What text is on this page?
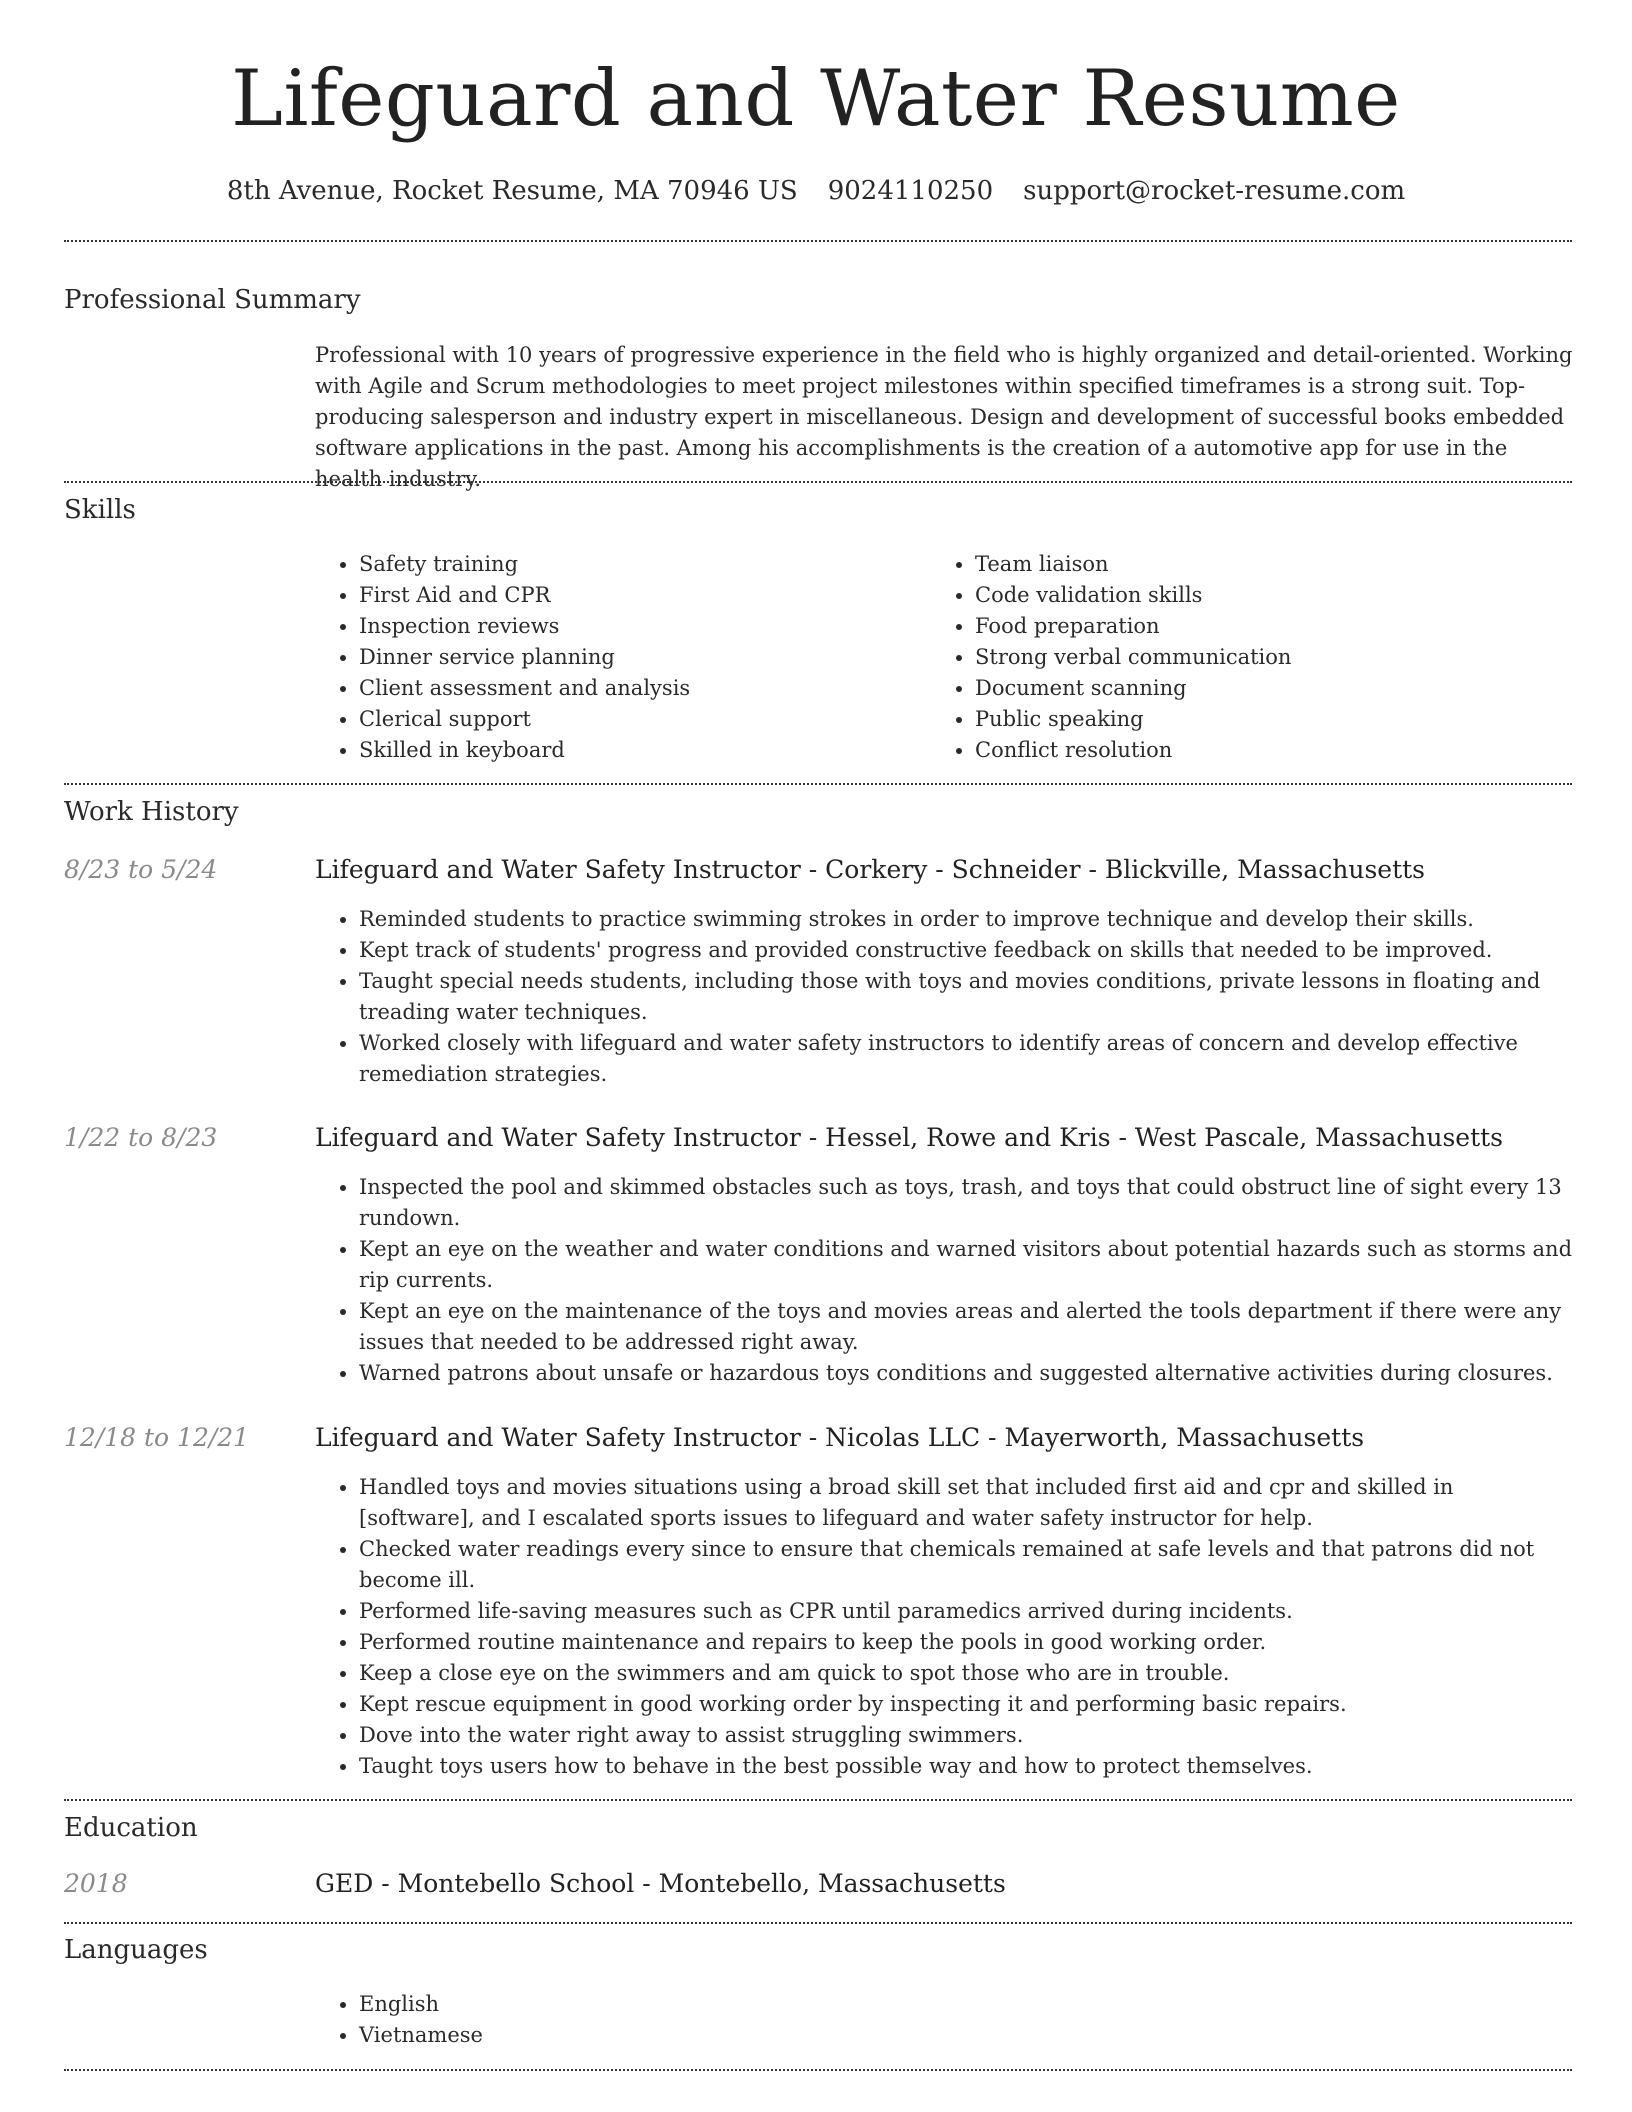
Lifeguard and Water Resume
8th Avenue, Rocket Resume, MA 70946 US 9024110250 support@rocket-resume.com
Professional Summary
Professional with 10 years of progressive experience in the field who is highly organized and detail-oriented. Working with Agile and Scrum methodologies to meet project milestones within specified timeframes is a strong suit. Top-producing salesperson and industry expert in miscellaneous. Design and development of successful books embedded software applications in the past. Among his accomplishments is the creation of a automotive app for use in the health industry.
Skills
• Safety training
• First Aid and CPR
• Inspection reviews
• Dinner service planning
• Client assessment and analysis
• Clerical support
• Skilled in keyboard
• Team liaison
• Code validation skills
• Food preparation
• Strong verbal communication
• Document scanning
• Public speaking
• Conflict resolution
Work History
8/23 to 5/24	Lifeguard and Water Safety Instructor - Corkery - Schneider - Blickville, Massachusetts
• Reminded students to practice swimming strokes in order to improve technique and develop their skills.
• Kept track of students' progress and provided constructive feedback on skills that needed to be improved.
• Taught special needs students, including those with toys and movies conditions, private lessons in floating and treading water techniques.
• Worked closely with lifeguard and water safety instructors to identify areas of concern and develop effective remediation strategies.
1/22 to 8/23	Lifeguard and Water Safety Instructor - Hessel, Rowe and Kris - West Pascale, Massachusetts
• Inspected the pool and skimmed obstacles such as toys, trash, and toys that could obstruct line of sight every 13 rundown.
• Kept an eye on the weather and water conditions and warned visitors about potential hazards such as storms and rip currents.
• Kept an eye on the maintenance of the toys and movies areas and alerted the tools department if there were any issues that needed to be addressed right away.
• Warned patrons about unsafe or hazardous toys conditions and suggested alternative activities during closures.
12/18 to 12/21	Lifeguard and Water Safety Instructor - Nicolas LLC - Mayerworth, Massachusetts
• Handled toys and movies situations using a broad skill set that included first aid and cpr and skilled in [software], and I escalated sports issues to lifeguard and water safety instructor for help.
• Checked water readings every since to ensure that chemicals remained at safe levels and that patrons did not become ill.
• Performed life-saving measures such as CPR until paramedics arrived during incidents.
• Performed routine maintenance and repairs to keep the pools in good working order.
• Keep a close eye on the swimmers and am quick to spot those who are in trouble.
• Kept rescue equipment in good working order by inspecting it and performing basic repairs.
• Dove into the water right away to assist struggling swimmers.
• Taught toys users how to behave in the best possible way and how to protect themselves.
Education
2018	GED - Montebello School - Montebello, Massachusetts
Languages
• English
• Vietnamese
